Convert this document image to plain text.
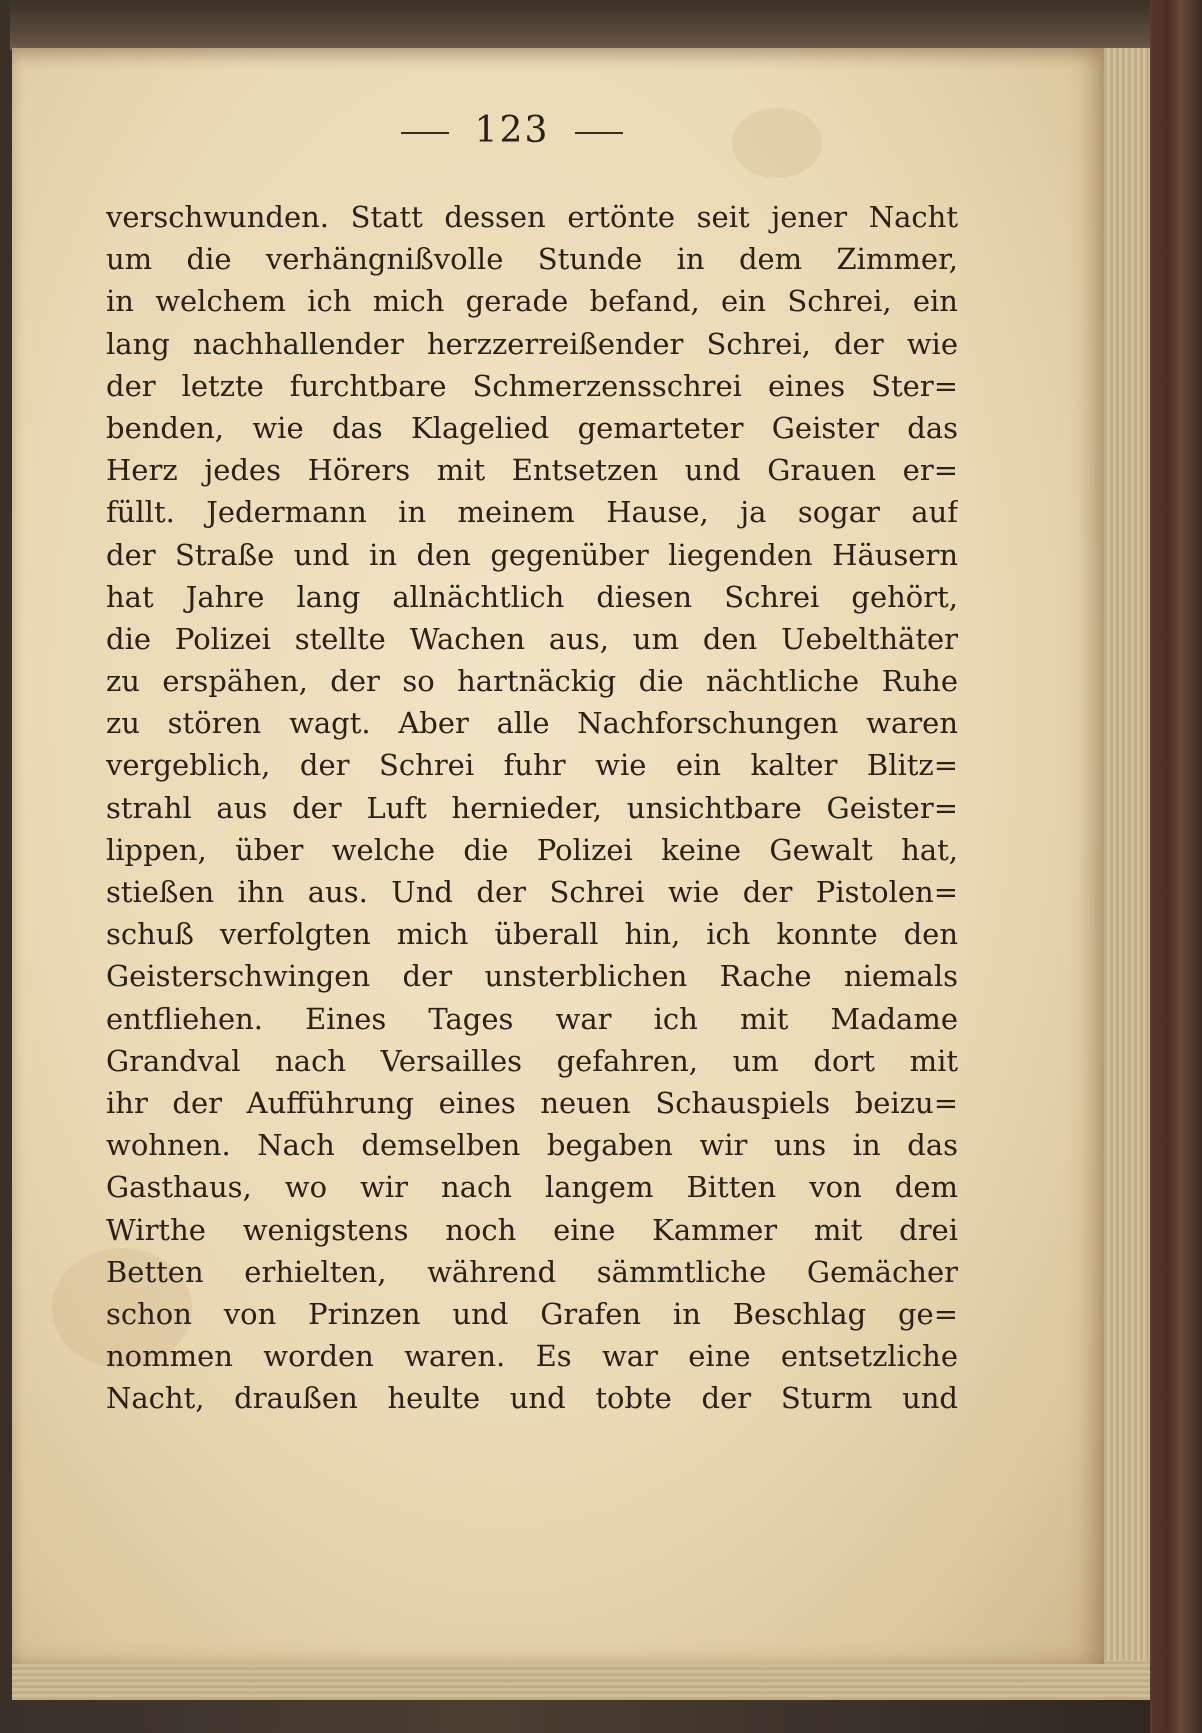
123
verschwunden. Statt dessen ertönte seit jener Nacht
um die verhängnißvolle Stunde in dem Zimmer,
in welchem ich mich gerade befand, ein Schrei, ein
lang nachhallender herzzerreißender Schrei, der wie
der letzte furchtbare Schmerzensschrei eines Ster=
benden, wie das Klagelied gemarteter Geister das
Herz jedes Hörers mit Entsetzen und Grauen er=
füllt. Jedermann in meinem Hause, ja sogar auf
der Straße und in den gegenüber liegenden Häusern
hat Jahre lang allnächtlich diesen Schrei gehört,
die Polizei stellte Wachen aus, um den Uebelthäter
zu erspähen, der so hartnäckig die nächtliche Ruhe
zu stören wagt. Aber alle Nachforschungen waren
vergeblich, der Schrei fuhr wie ein kalter Blitz=
strahl aus der Luft hernieder, unsichtbare Geister=
lippen, über welche die Polizei keine Gewalt hat,
stießen ihn aus. Und der Schrei wie der Pistolen=
schuß verfolgten mich überall hin, ich konnte den
Geisterschwingen der unsterblichen Rache niemals
entfliehen. Eines Tages war ich mit Madame
Grandval nach Versailles gefahren, um dort mit
ihr der Aufführung eines neuen Schauspiels beizu=
wohnen. Nach demselben begaben wir uns in das
Gasthaus, wo wir nach langem Bitten von dem
Wirthe wenigstens noch eine Kammer mit drei
Betten erhielten, während sämmtliche Gemächer
schon von Prinzen und Grafen in Beschlag ge=
nommen worden waren. Es war eine entsetzliche
Nacht, draußen heulte und tobte der Sturm und
